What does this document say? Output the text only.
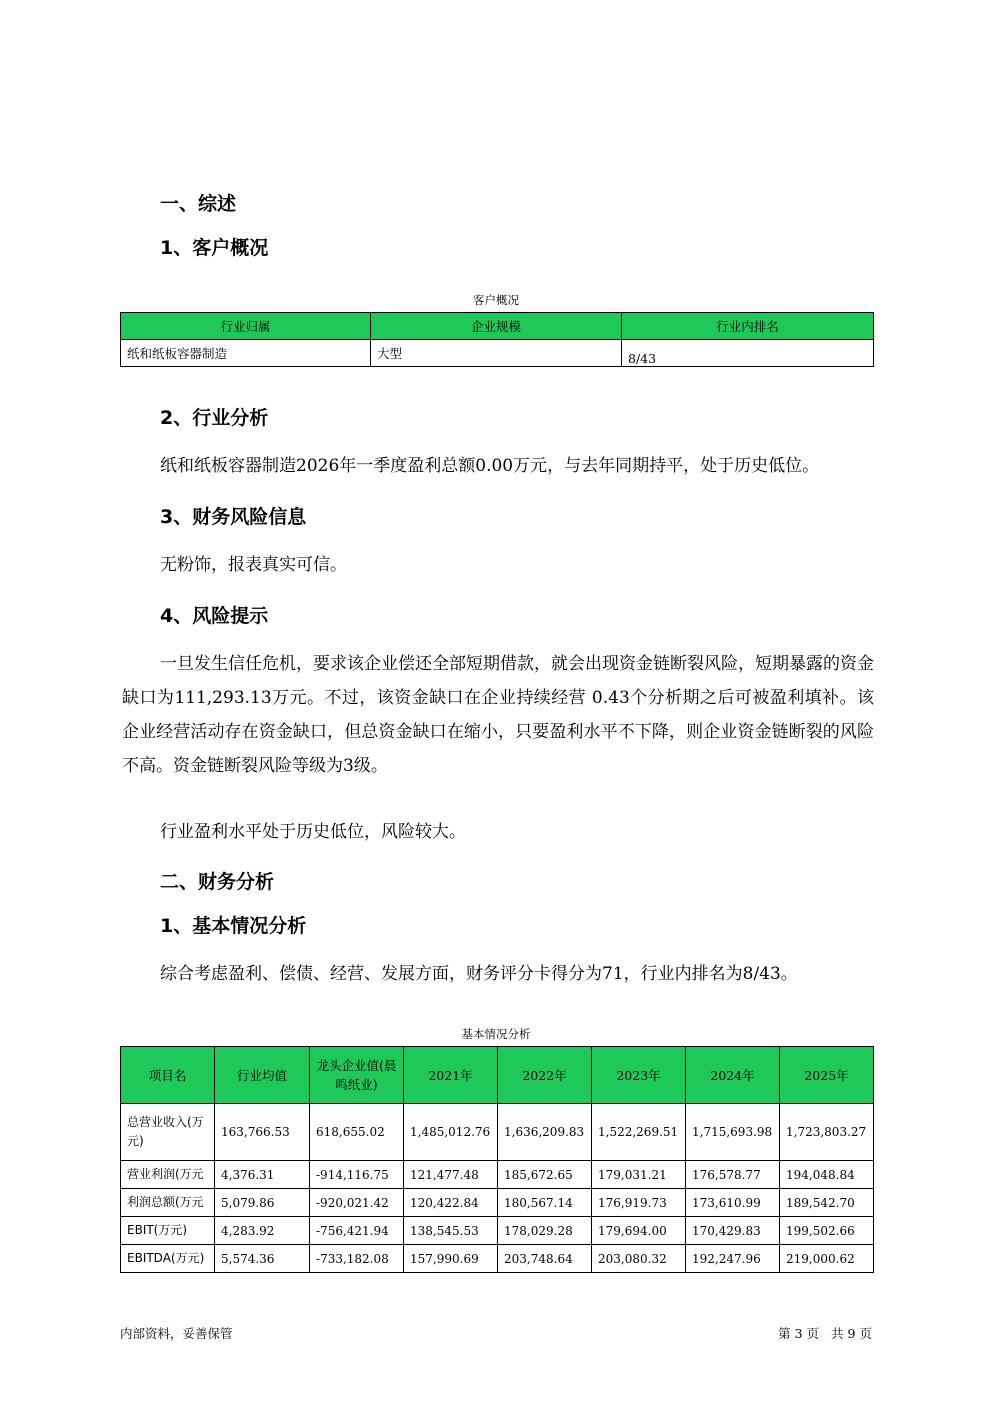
一、综述
1、客户概况
客户概况
行业归属	企业规模	行业内排名
纸和纸板容器制造	大型	8/43
2、行业分析
纸和纸板容器制造2026年一季度盈利总额0.00万元，与去年同期持平，处于历史低位。
3、财务风险信息
无粉饰，报表真实可信。
4、风险提示
一旦发生信任危机，要求该企业偿还全部短期借款，就会出现资金链断裂风险，短期暴露的资金缺口为111,293.13万元。不过，该资金缺口在企业持续经营 0.43个分析期之后可被盈利填补。该企业经营活动存在资金缺口，但总资金缺口在缩小，只要盈利水平不下降，则企业资金链断裂的风险不高。资金链断裂风险等级为3级。
行业盈利水平处于历史低位，风险较大。
二、财务分析
1、基本情况分析
综合考虑盈利、偿债、经营、发展方面，财务评分卡得分为71，行业内排名为8/43。
基本情况分析
项目名	行业均值	龙头企业值(晨鸣纸业)	2021年	2022年	2023年	2024年	2025年
总营业收入(万元)	163,766.53	618,655.02	1,485,012.76	1,636,209.83	1,522,269.51	1,715,693.98	1,723,803.27
营业利润(万元	4,376.31	-914,116.75	121,477.48	185,672.65	179,031.21	176,578.77	194,048.84
利润总额(万元	5,079.86	-920,021.42	120,422.84	180,567.14	176,919.73	173,610.99	189,542.70
EBIT(万元)	4,283.92	-756,421.94	138,545.53	178,029.28	179,694.00	170,429.83	199,502.66
EBITDA(万元)	5,574.36	-733,182.08	157,990.69	203,748.64	203,080.32	192,247.96	219,000.62
内部资料，妥善保管	第 3 页 共 9 页
